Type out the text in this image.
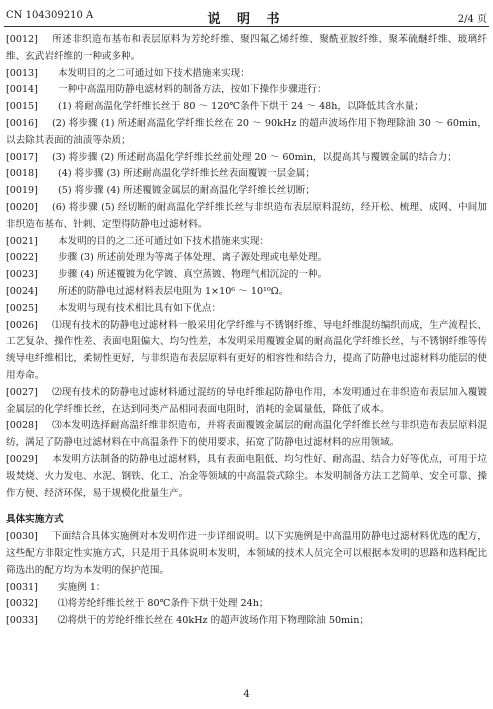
CN 104309210 A	说 明 书	2/4 页
[0012] 所述非织造布基布和表层原料为芳纶纤维、聚四氟乙烯纤维、聚酰亚胺纤维、聚苯硫醚纤维、玻璃纤维、玄武岩纤维的一种或多种。
[0013] 本发明目的之二可通过如下技术措施来实现：
[0014] 一种中高温用防静电滤材料的制备方法，按如下操作步骤进行：
[0015] (1) 将耐高温化学纤维长丝于 80 ～ 120℃条件下烘干 24 ～ 48h，以降低其含水量；
[0016] (2) 将步骤 (1) 所述耐高温化学纤维长丝在 20 ～ 90kHz 的超声波场作用下物理除油 30 ～ 60min，以去除其表面的油渍等杂质；
[0017] (3) 将步骤 (2) 所述耐高温化学纤维长丝前处理 20 ～ 60min，以提高其与覆镀金属的结合力；
[0018] (4) 将步骤 (3) 所述耐高温化学纤维长丝表面覆镀一层金属；
[0019] (5) 将步骤 (4) 所述覆镀金属层的耐高温化学纤维长丝切断；
[0020] (6) 将步骤 (5) 经切断的耐高温化学纤维长丝与非织造布表层原料混纺，经开松、梳理、成网、中间加非织造布基布、针刺、定型得防静电过滤材料。
[0021] 本发明的目的之二还可通过如下技术措施来实现：
[0022] 步骤 (3) 所述前处理为等离子体处理、离子源处理或电晕处理。
[0023] 步骤 (4) 所述覆镀为化学镀、真空蒸镀、物理气相沉淀的一种。
[0024] 所述的防静电过滤材料表层电阻为 1×10⁶ ～ 10¹⁰Ω。
[0025] 本发明与现有技术相比具有如下优点：
[0026] ⑴现有技术的防静电过滤材料一般采用化学纤维与不锈钢纤维、导电纤维混纺编织而成，生产流程长、工艺复杂、操作性差、表面电阻偏大、均匀性差，本发明采用覆镀金属的耐高温化学纤维长丝，与不锈钢纤维等传统导电纤维相比，柔韧性更好，与非织造布表层原料有更好的相容性和结合力，提高了防静电过滤材料功能层的使用寿命。
[0027] ⑵现有技术的防静电过滤材料通过混纺的导电纤维起防静电作用，本发明通过在非织造布表层加入覆镀金属层的化学纤维长丝，在达到同类产品相同表面电阻时，消耗的金属量低，降低了成本。
[0028] ⑶本发明选择耐高温纤维非织造布，并将表面覆镀金属层的耐高温化学纤维长丝与非织造布表层原料混纺，满足了防静电过滤材料在中高温条件下的使用要求，拓宽了防静电过滤材料的应用领域。
[0029] 本发明方法制备的防静电过滤材料，具有表面电阻低、均匀性好、耐高温、结合力好等优点，可用于垃圾焚烧、火力发电、水泥、钢铁、化工、冶金等领域的中高温袋式除尘。本发明制备方法工艺简单、安全可靠、操作方便、经济环保，易于规模化批量生产。
具体实施方式
[0030] 下面结合具体实施例对本发明作进一步详细说明。以下实施例是中高温用防静电过滤材料优选的配方，这些配方非限定性实施方式，只是用于具体说明本发明，本领域的技术人员完全可以根据本发明的思路和选料配比筛选出的配方均为本发明的保护范围。
[0031] 实施例 1：
[0032] ⑴将芳纶纤维长丝于 80℃条件下烘干处理 24h；
[0033] ⑵将烘干的芳纶纤维长丝在 40kHz 的超声波场作用下物理除油 50min；
4
